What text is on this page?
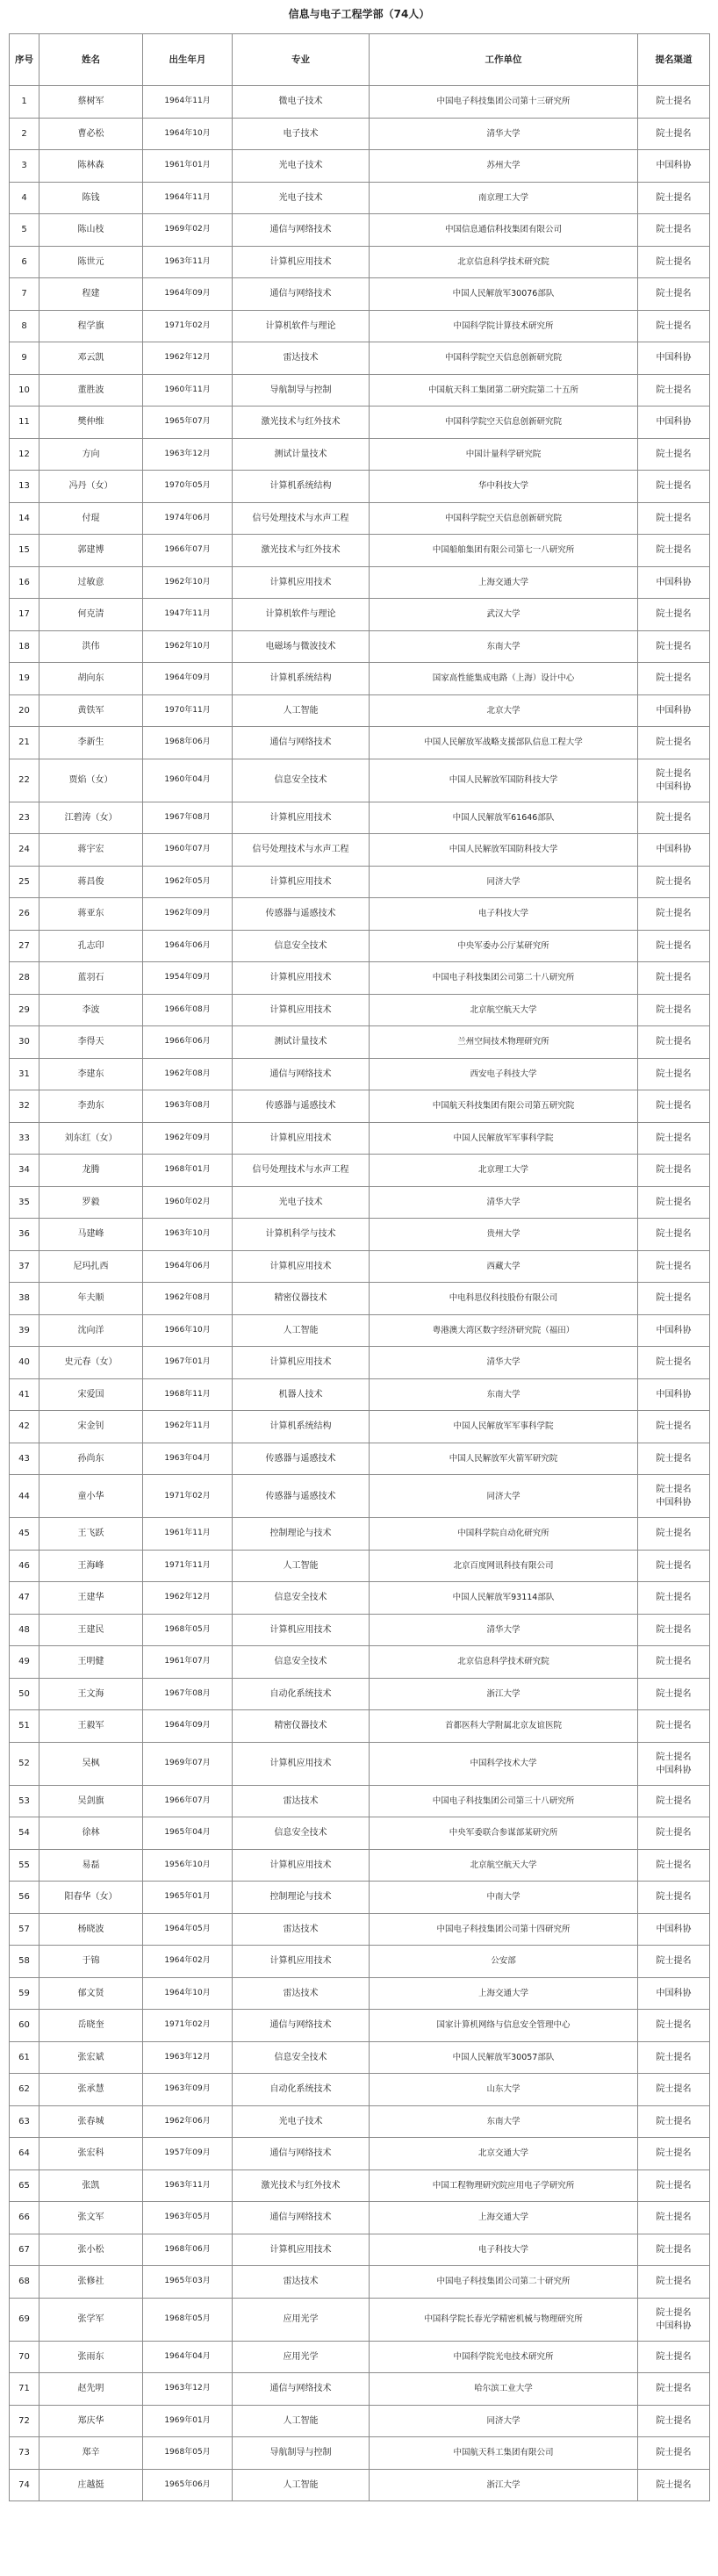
信息与电子工程学部（74人）
序号	姓名	出生年月	专业	工作单位	提名渠道
1	蔡树军	1964年11月	微电子技术	中国电子科技集团公司第十三研究所	院士提名

2	曹必松	1964年10月	电子技术	清华大学	院士提名

3	陈林森	1961年01月	光电子技术	苏州大学	中国科协

4	陈钱	1964年11月	光电子技术	南京理工大学	院士提名

5	陈山枝	1969年02月	通信与网络技术	中国信息通信科技集团有限公司	院士提名

6	陈世元	1963年11月	计算机应用技术	北京信息科学技术研究院	院士提名

7	程建	1964年09月	通信与网络技术	中国人民解放军30076部队	院士提名

8	程学旗	1971年02月	计算机软件与理论	中国科学院计算技术研究所	院士提名

9	邓云凯	1962年12月	雷达技术	中国科学院空天信息创新研究院	中国科协

10	董胜波	1960年11月	导航制导与控制	中国航天科工集团第二研究院第二十五所	院士提名

11	樊仲维	1965年07月	激光技术与红外技术	中国科学院空天信息创新研究院	中国科协

12	方向	1963年12月	测试计量技术	中国计量科学研究院	院士提名

13	冯丹（女）	1970年05月	计算机系统结构	华中科技大学	院士提名

14	付琨	1974年06月	信号处理技术与水声工程	中国科学院空天信息创新研究院	院士提名

15	郭建博	1966年07月	激光技术与红外技术	中国船舶集团有限公司第七一八研究所	院士提名

16	过敏意	1962年10月	计算机应用技术	上海交通大学	中国科协

17	何克清	1947年11月	计算机软件与理论	武汉大学	院士提名

18	洪伟	1962年10月	电磁场与微波技术	东南大学	院士提名

19	胡向东	1964年09月	计算机系统结构	国家高性能集成电路（上海）设计中心	院士提名

20	黄铁军	1970年11月	人工智能	北京大学	中国科协

21	李新生	1968年06月	通信与网络技术	中国人民解放军战略支援部队信息工程大学	院士提名

22	贾焰（女）	1960年04月	信息安全技术	中国人民解放军国防科技大学	院士提名
中国科协

23	江碧涛（女）	1967年08月	计算机应用技术	中国人民解放军61646部队	院士提名

24	蒋宇宏	1960年07月	信号处理技术与水声工程	中国人民解放军国防科技大学	中国科协

25	蒋昌俊	1962年05月	计算机应用技术	同济大学	院士提名

26	蒋亚东	1962年09月	传感器与遥感技术	电子科技大学	院士提名

27	孔志印	1964年06月	信息安全技术	中央军委办公厅某研究所	院士提名

28	蓝羽石	1954年09月	计算机应用技术	中国电子科技集团公司第二十八研究所	院士提名

29	李波	1966年08月	计算机应用技术	北京航空航天大学	院士提名

30	李得天	1966年06月	测试计量技术	兰州空间技术物理研究所	院士提名

31	李建东	1962年08月	通信与网络技术	西安电子科技大学	院士提名

32	李劲东	1963年08月	传感器与遥感技术	中国航天科技集团有限公司第五研究院	院士提名

33	刘东红（女）	1962年09月	计算机应用技术	中国人民解放军军事科学院	院士提名

34	龙腾	1968年01月	信号处理技术与水声工程	北京理工大学	院士提名

35	罗毅	1960年02月	光电子技术	清华大学	院士提名

36	马建峰	1963年10月	计算机科学与技术	贵州大学	院士提名

37	尼玛扎西	1964年06月	计算机应用技术	西藏大学	院士提名

38	年夫顺	1962年08月	精密仪器技术	中电科思仪科技股份有限公司	院士提名

39	沈向洋	1966年10月	人工智能	粤港澳大湾区数字经济研究院（福田）	中国科协

40	史元春（女）	1967年01月	计算机应用技术	清华大学	院士提名

41	宋爱国	1968年11月	机器人技术	东南大学	中国科协

42	宋金钊	1962年11月	计算机系统结构	中国人民解放军军事科学院	院士提名

43	孙尚东	1963年04月	传感器与遥感技术	中国人民解放军火箭军研究院	院士提名

44	童小华	1971年02月	传感器与遥感技术	同济大学	院士提名
中国科协

45	王飞跃	1961年11月	控制理论与技术	中国科学院自动化研究所	院士提名

46	王海峰	1971年11月	人工智能	北京百度网讯科技有限公司	院士提名

47	王建华	1962年12月	信息安全技术	中国人民解放军93114部队	院士提名

48	王建民	1968年05月	计算机应用技术	清华大学	院士提名

49	王明健	1961年07月	信息安全技术	北京信息科学技术研究院	院士提名

50	王文海	1967年08月	自动化系统技术	浙江大学	院士提名

51	王毅军	1964年09月	精密仪器技术	首都医科大学附属北京友谊医院	院士提名

52	吴枫	1969年07月	计算机应用技术	中国科学技术大学	院士提名
中国科协

53	吴剑旗	1966年07月	雷达技术	中国电子科技集团公司第三十八研究所	院士提名

54	徐林	1965年04月	信息安全技术	中央军委联合参谋部某研究所	院士提名

55	易磊	1956年10月	计算机应用技术	北京航空航天大学	院士提名

56	阳春华（女）	1965年01月	控制理论与技术	中南大学	院士提名

57	杨晓波	1964年05月	雷达技术	中国电子科技集团公司第十四研究所	中国科协

58	于锦	1964年02月	计算机应用技术	公安部	院士提名

59	郁文贤	1964年10月	雷达技术	上海交通大学	中国科协

60	岳晓奎	1971年02月	通信与网络技术	国家计算机网络与信息安全管理中心	院士提名

61	张宏斌	1963年12月	信息安全技术	中国人民解放军30057部队	院士提名

62	张承慧	1963年09月	自动化系统技术	山东大学	院士提名

63	张春城	1962年06月	光电子技术	东南大学	院士提名

64	张宏科	1957年09月	通信与网络技术	北京交通大学	院士提名

65	张凯	1963年11月	激光技术与红外技术	中国工程物理研究院应用电子学研究所	院士提名

66	张文军	1963年05月	通信与网络技术	上海交通大学	院士提名

67	张小松	1968年06月	计算机应用技术	电子科技大学	院士提名

68	张修社	1965年03月	雷达技术	中国电子科技集团公司第二十研究所	院士提名

69	张学军	1968年05月	应用光学	中国科学院长春光学精密机械与物理研究所	院士提名
中国科协

70	张雨东	1964年04月	应用光学	中国科学院光电技术研究所	院士提名

71	赵先明	1963年12月	通信与网络技术	哈尔滨工业大学	院士提名

72	郑庆华	1969年01月	人工智能	同济大学	院士提名

73	郑辛	1968年05月	导航制导与控制	中国航天科工集团有限公司	院士提名

74	庄越挺	1965年06月	人工智能	浙江大学	院士提名
